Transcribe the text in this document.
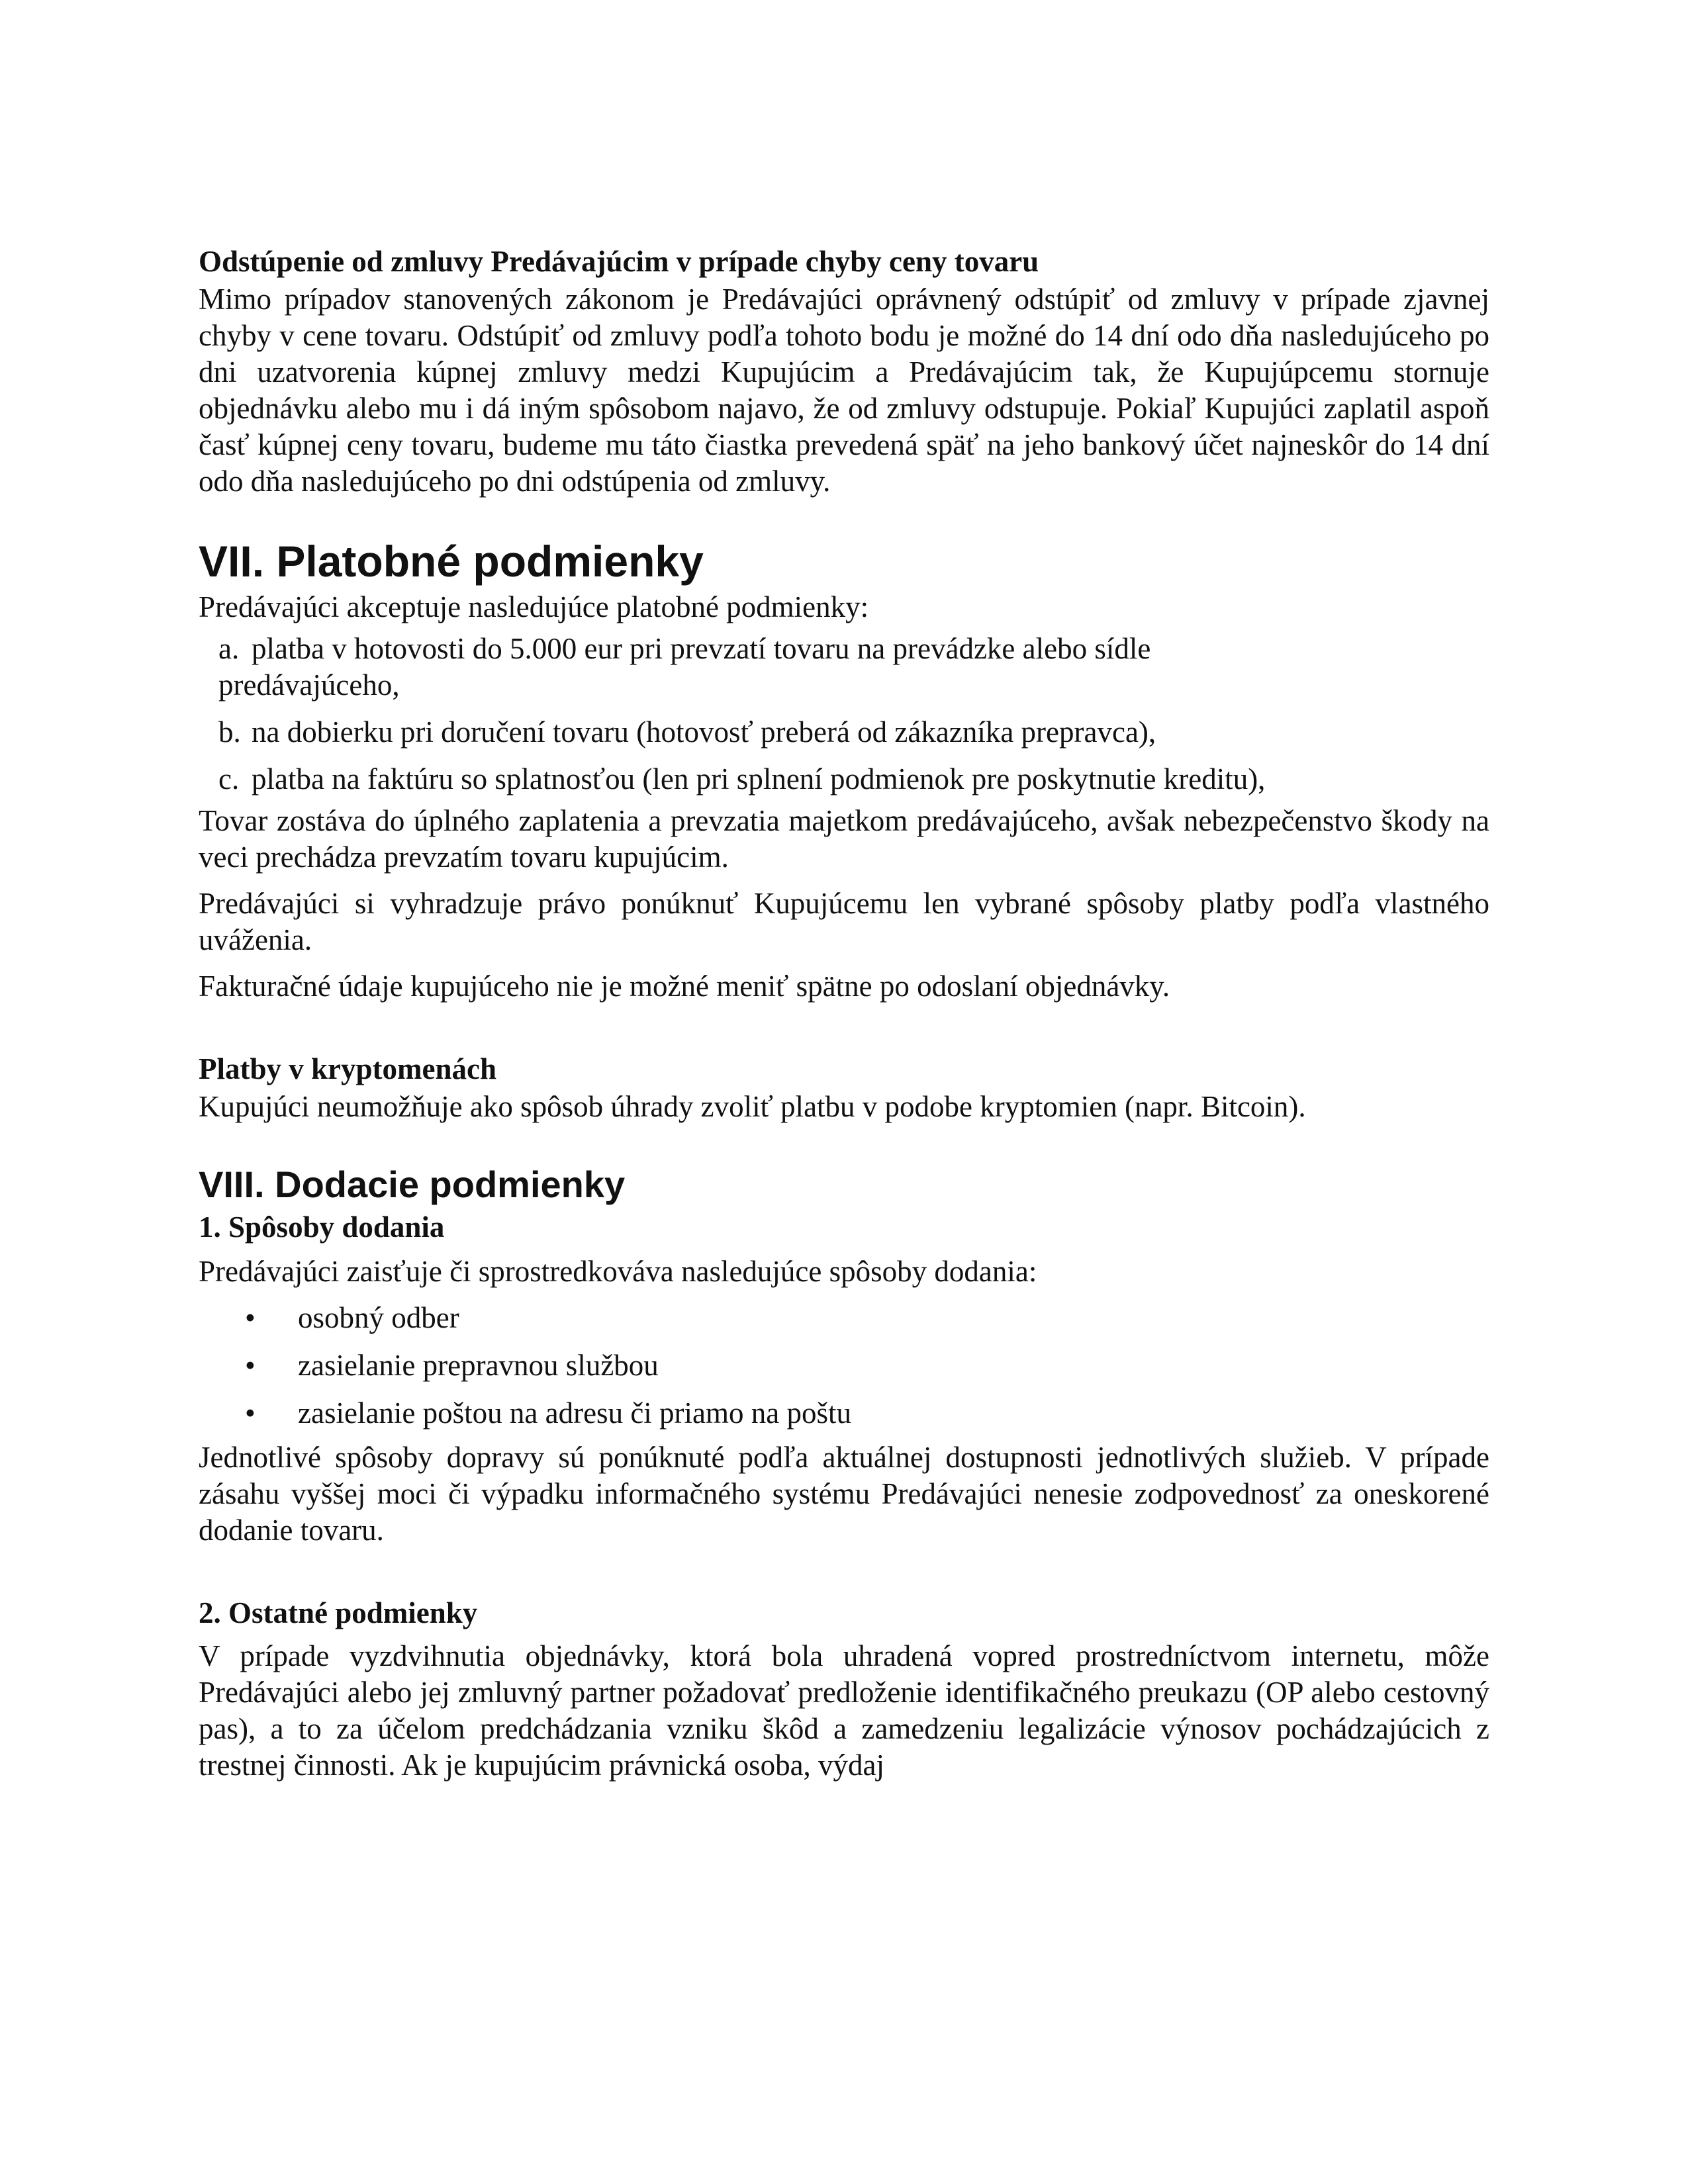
Odstúpenie od zmluvy Predávajúcim v prípade chyby ceny tovaru

Mimo prípadov stanovených zákonom je Predávajúci oprávnený odstúpiť od zmluvy v prípade zjavnej chyby v cene tovaru. Odstúpiť od zmluvy podľa tohoto bodu je možné do 14 dní odo dňa nasledujúceho po dni uzatvorenia kúpnej zmluvy medzi Kupujúcim a Predávajúcim tak, že Kupujúpcemu stornuje objednávku alebo mu i dá iným spôsobom najavo, že od zmluvy odstupuje. Pokiaľ Kupujúci zaplatil aspoň časť kúpnej ceny tovaru, budeme mu táto čiastka prevedená späť na jeho bankový účet najneskôr do 14 dní odo dňa nasledujúceho po dni odstúpenia od zmluvy.

VII. Platobné podmienky

Predávajúci akceptuje nasledujúce platobné podmienky:

a. platba v hotovosti do 5.000 eur pri prevzatí tovaru na prevádzke alebo sídle
predávajúceho,
b. na dobierku pri doručení tovaru (hotovosť preberá od zákazníka prepravca),
c. platba na faktúru so splatnosťou (len pri splnení podmienok pre poskytnutie kreditu),

Tovar zostáva do úplného zaplatenia a prevzatia majetkom predávajúceho, avšak nebezpečenstvo škody na veci prechádza prevzatím tovaru kupujúcim.

Predávajúci si vyhradzuje právo ponúknuť Kupujúcemu len vybrané spôsoby platby podľa vlastného uváženia.

Fakturačné údaje kupujúceho nie je možné meniť spätne po odoslaní objednávky.

Platby v kryptomenách

Kupujúci neumožňuje ako spôsob úhrady zvoliť platbu v podobe kryptomien (napr. Bitcoin).

VIII. Dodacie podmienky

1. Spôsoby dodania

Predávajúci zaisťuje či sprostredkováva nasledujúce spôsoby dodania:

• osobný odber
• zasielanie prepravnou službou
• zasielanie poštou na adresu či priamo na poštu

Jednotlivé spôsoby dopravy sú ponúknuté podľa aktuálnej dostupnosti jednotlivých služieb. V prípade zásahu vyššej moci či výpadku informačného systému Predávajúci nenesie zodpovednosť za oneskorené dodanie tovaru.

2. Ostatné podmienky

V prípade vyzdvihnutia objednávky, ktorá bola uhradená vopred prostredníctvom internetu, môže Predávajúci alebo jej zmluvný partner požadovať predloženie identifikačného preukazu (OP alebo cestovný pas), a to za účelom predchádzania vzniku škôd a zamedzeniu legalizácie výnosov pochádzajúcich z trestnej činnosti. Ak je kupujúcim právnická osoba, výdaj
